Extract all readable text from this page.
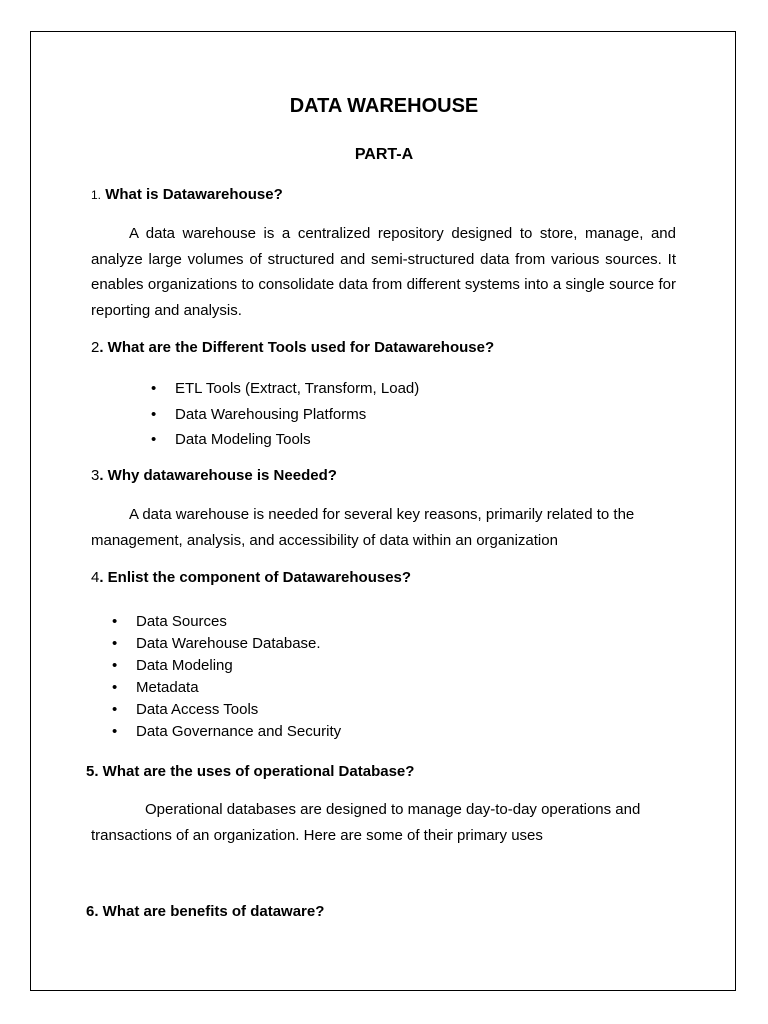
DATA WAREHOUSE
PART-A
1. What is Datawarehouse?

A data warehouse is a centralized repository designed to store, manage, and analyze large volumes of structured and semi-structured data from various sources. It enables organizations to consolidate data from different systems into a single source for reporting and analysis.

2. What are the Different Tools used for Datawarehouse?
• ETL Tools (Extract, Transform, Load)
• Data Warehousing Platforms
• Data Modeling Tools
3. Why datawarehouse is Needed?

A data warehouse is needed for several key reasons, primarily related to the management, analysis, and accessibility of data within an organization

4. Enlist the component of Datawarehouses?
• Data Sources
• Data Warehouse Database.
• Data Modeling
• Metadata
• Data Access Tools
• Data Governance and Security
5. What are the uses of operational Database?

Operational databases are designed to manage day-to-day operations and transactions of an organization. Here are some of their primary uses

6. What are benefits of dataware?
